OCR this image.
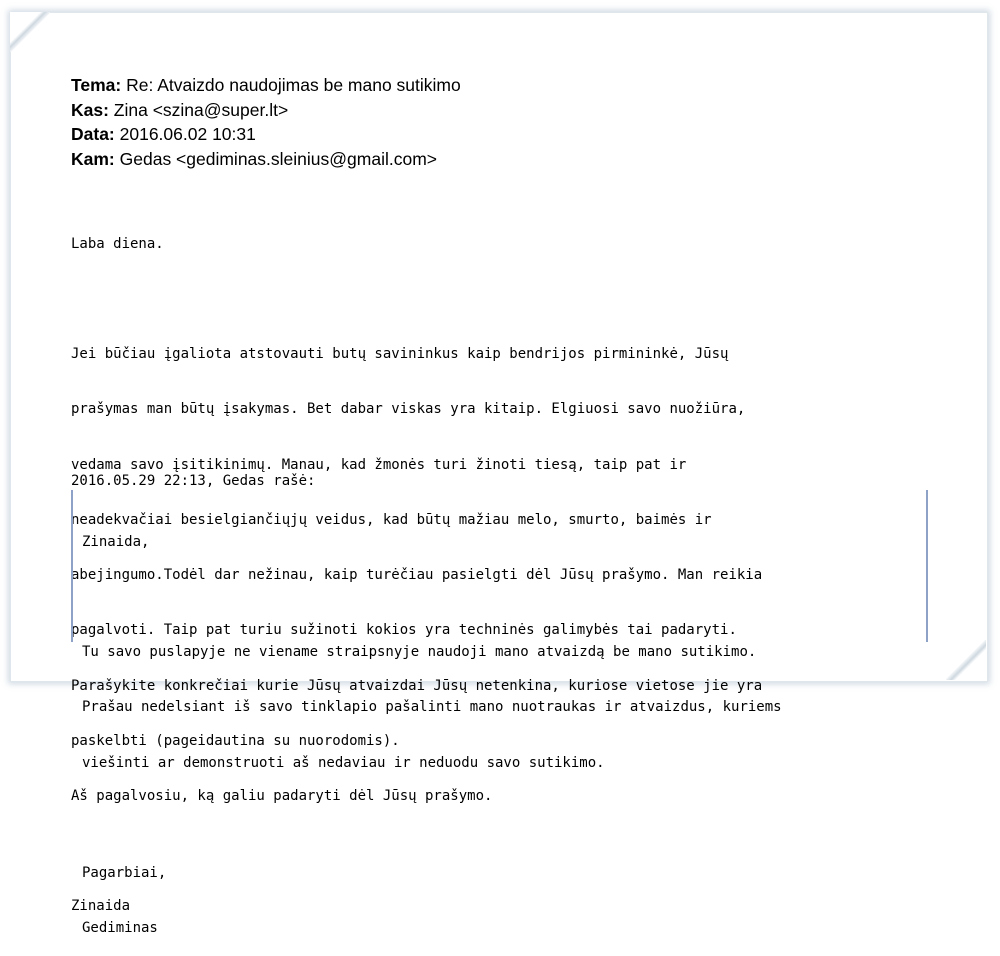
Tema: Re: Atvaizdo naudojimas be mano sutikimo
Kas: Zina <szina@super.lt>
Data: 2016.06.02 10:31
Kam: Gedas <gediminas.sleinius@gmail.com>

Laba diena.

Jei būčiau įgaliota atstovauti butų savininkus kaip bendrijos pirmininkė, Jūsų

prašymas man būtų įsakymas. Bet dabar viskas yra kitaip. Elgiuosi savo nuožiūra,

vedama savo įsitikinimų. Manau, kad žmonės turi žinoti tiesą, taip pat ir

neadekvačiai besielgiančiųjų veidus, kad būtų mažiau melo, smurto, baimės ir

abejingumo.Todėl dar nežinau, kaip turėčiau pasielgti dėl Jūsų prašymo. Man reikia

pagalvoti. Taip pat turiu sužinoti kokios yra techninės galimybės tai padaryti.

Parašykite konkrečiai kurie Jūsų atvaizdai Jūsų netenkina, kuriose vietose jie yra

paskelbti (pageidautina su nuorodomis).

Aš pagalvosiu, ką galiu padaryti dėl Jūsų prašymo.

Zinaida

2016.05.29 22:13, Gedas rašė:

Zinaida,

Tu savo puslapyje ne viename straipsnyje naudoji mano atvaizdą be mano sutikimo.

Prašau nedelsiant iš savo tinklapio pašalinti mano nuotraukas ir atvaizdus, kuriems

viešinti ar demonstruoti aš nedaviau ir neduodu savo sutikimo.

Pagarbiai,

Gediminas
